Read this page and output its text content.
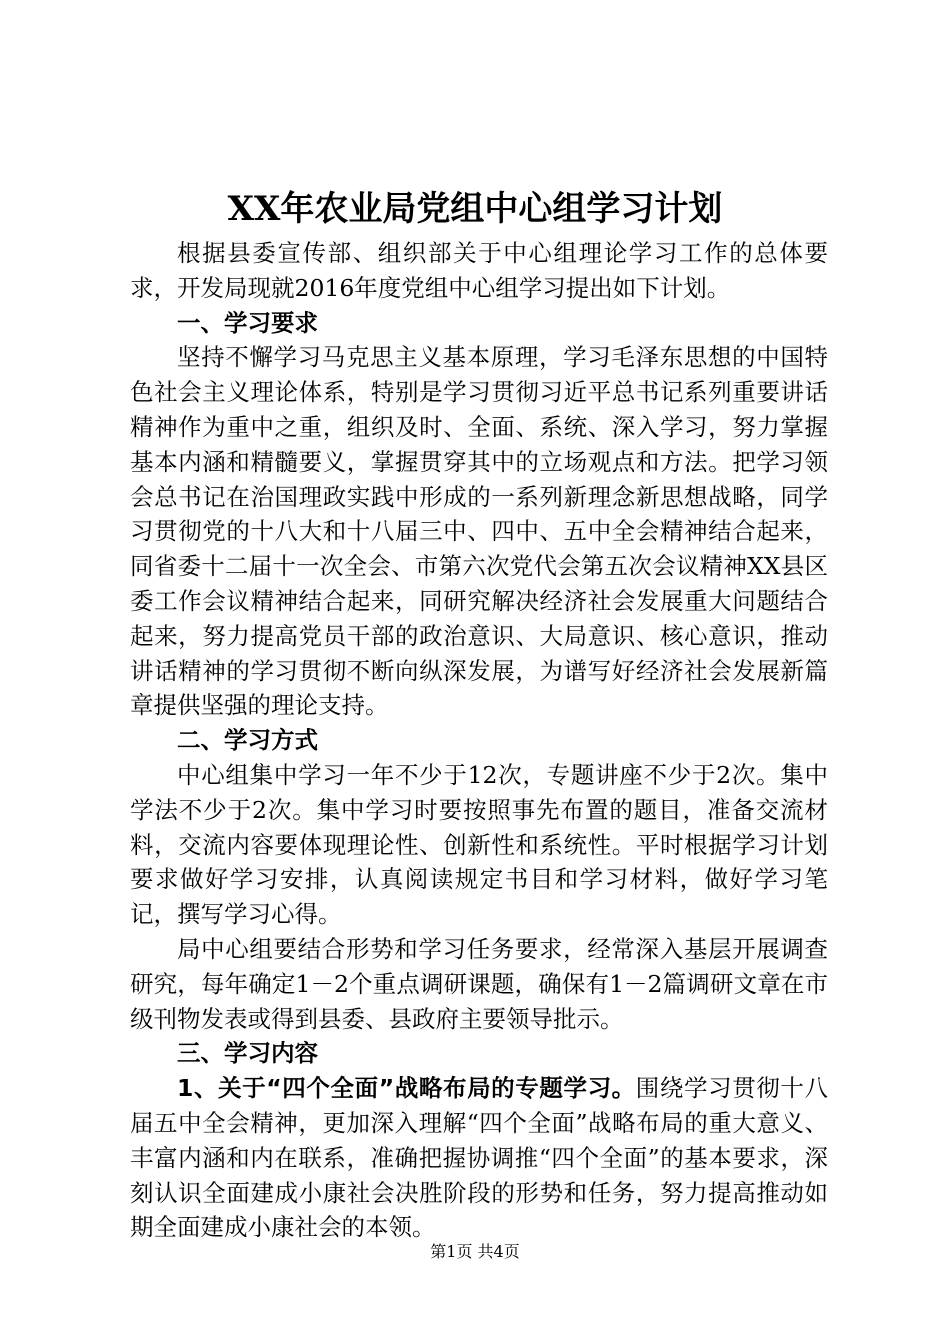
XX年农业局党组中心组学习计划

根据县委宣传部、组织部关于中心组理论学习工作的总体要求，开发局现就2016年度党组中心组学习提出如下计划。

一、学习要求

坚持不懈学习马克思主义基本原理，学习毛泽东思想的中国特色社会主义理论体系，特别是学习贯彻习近平总书记系列重要讲话精神作为重中之重，组织及时、全面、系统、深入学习，努力掌握基本内涵和精髓要义，掌握贯穿其中的立场观点和方法。把学习领会总书记在治国理政实践中形成的一系列新理念新思想战略，同学习贯彻党的十八大和十八届三中、四中、五中全会精神结合起来，同省委十二届十一次全会、市第六次党代会第五次会议精神XX县区委工作会议精神结合起来，同研究解决经济社会发展重大问题结合起来，努力提高党员干部的政治意识、大局意识、核心意识，推动讲话精神的学习贯彻不断向纵深发展，为谱写好经济社会发展新篇章提供坚强的理论支持。

二、学习方式

中心组集中学习一年不少于12次，专题讲座不少于2次。集中学法不少于2次。集中学习时要按照事先布置的题目，准备交流材料，交流内容要体现理论性、创新性和系统性。平时根据学习计划要求做好学习安排，认真阅读规定书目和学习材料，做好学习笔记，撰写学习心得。

局中心组要结合形势和学习任务要求，经常深入基层开展调查研究，每年确定1－2个重点调研课题，确保有1－2篇调研文章在市级刊物发表或得到县委、县政府主要领导批示。

三、学习内容

1、关于“四个全面”战略布局的专题学习。围绕学习贯彻十八届五中全会精神，更加深入理解“四个全面”战略布局的重大意义、丰富内涵和内在联系，准确把握协调推“四个全面”的基本要求，深刻认识全面建成小康社会决胜阶段的形势和任务，努力提高推动如期全面建成小康社会的本领。

第1页 共4页
